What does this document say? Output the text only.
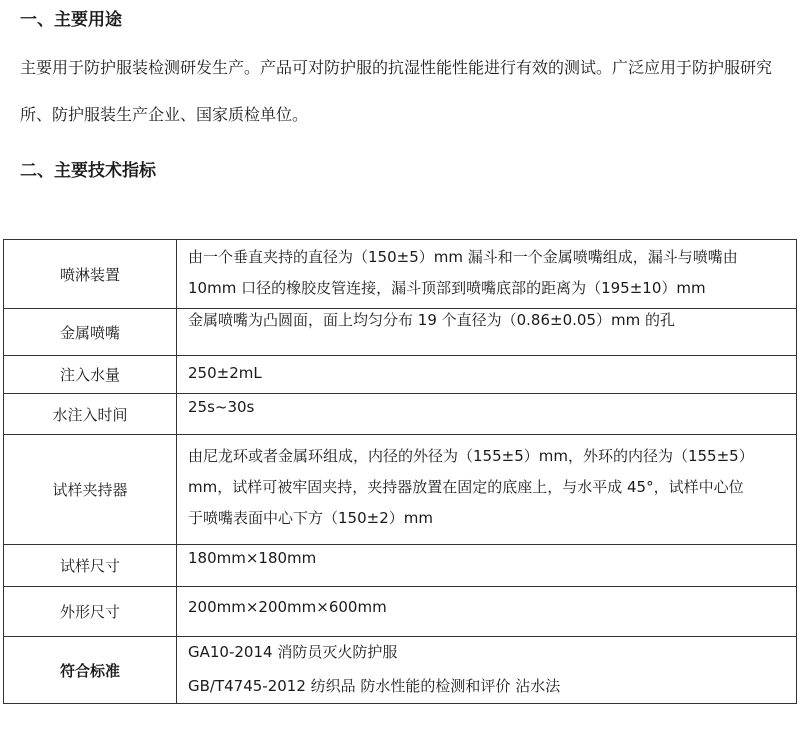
一、主要用途

主要用于防护服装检测研发生产。产品可对防护服的抗湿性能性能进行有效的测试。广泛应用于防护服研究所、防护服装生产企业、国家质检单位。

二、主要技术指标
喷淋装置	由一个垂直夹持的直径为（150±5）mm 漏斗和一个金属喷嘴组成，漏斗与喷嘴由
10mm 口径的橡胶皮管连接，漏斗顶部到喷嘴底部的距离为（195±10）mm

金属喷嘴	金属喷嘴为凸圆面，面上均匀分布 19 个直径为（0.86±0.05）mm 的孔

注入水量	250±2mL

水注入时间	25s~30s

试样夹持器	由尼龙环或者金属环组成，内径的外径为（155±5）mm，外环的内径为（155±5）
mm，试样可被牢固夹持，夹持器放置在固定的底座上，与水平成 45°，试样中心位
于喷嘴表面中心下方（150±2）mm

试样尺寸	180mm×180mm

外形尺寸	200mm×200mm×600mm

符合标准	GA10-2014 消防员灭火防护服
GB/T4745-2012 纺织品 防水性能的检测和评价 沾水法
